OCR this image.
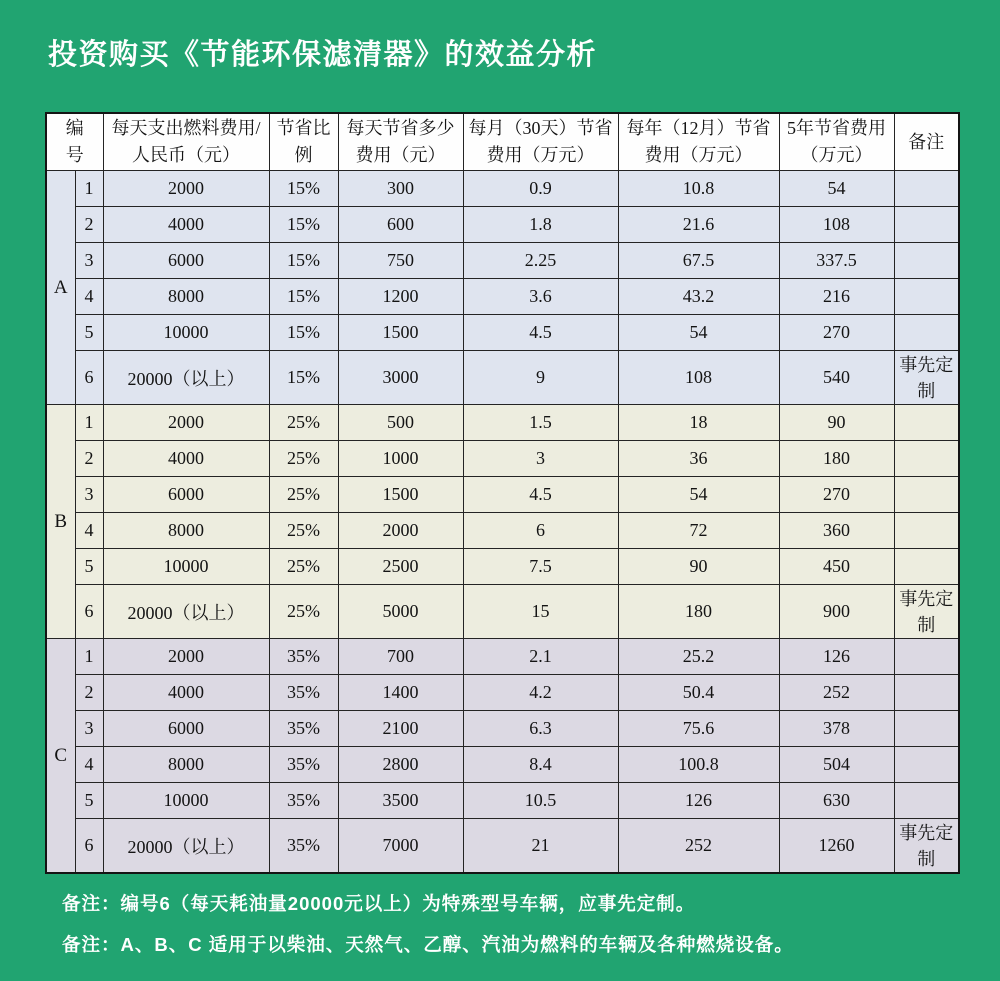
投资购买《节能环保滤清器》的效益分析
编号		每天支出燃料费用/人民币（元）	节省比例	每天节省多少费用（元）	每月（30天）节省费用（万元）	每年（12月）节省费用（万元）	5年节省费用（万元）	备注
A	1	2000	15%	300	0.9	10.8	54	
	2	4000	15%	600	1.8	21.6	108	
	3	6000	15%	750	2.25	67.5	337.5	
	4	8000	15%	1200	3.6	43.2	216	
	5	10000	15%	1500	4.5	54	270	
	6	20000（以上）	15%	3000	9	108	540	事先定制
B	1	2000	25%	500	1.5	18	90	
	2	4000	25%	1000	3	36	180	
	3	6000	25%	1500	4.5	54	270	
	4	8000	25%	2000	6	72	360	
	5	10000	25%	2500	7.5	90	450	
	6	20000（以上）	25%	5000	15	180	900	事先定制
C	1	2000	35%	700	2.1	25.2	126	
	2	4000	35%	1400	4.2	50.4	252	
	3	6000	35%	2100	6.3	75.6	378	
	4	8000	35%	2800	8.4	100.8	504	
	5	10000	35%	3500	10.5	126	630	
	6	20000（以上）	35%	7000	21	252	1260	事先定制
备注：编号6（每天耗油量20000元以上）为特殊型号车辆，应事先定制。
备注：A、B、C 适用于以柴油、天然气、乙醇、汽油为燃料的车辆及各种燃烧设备。
